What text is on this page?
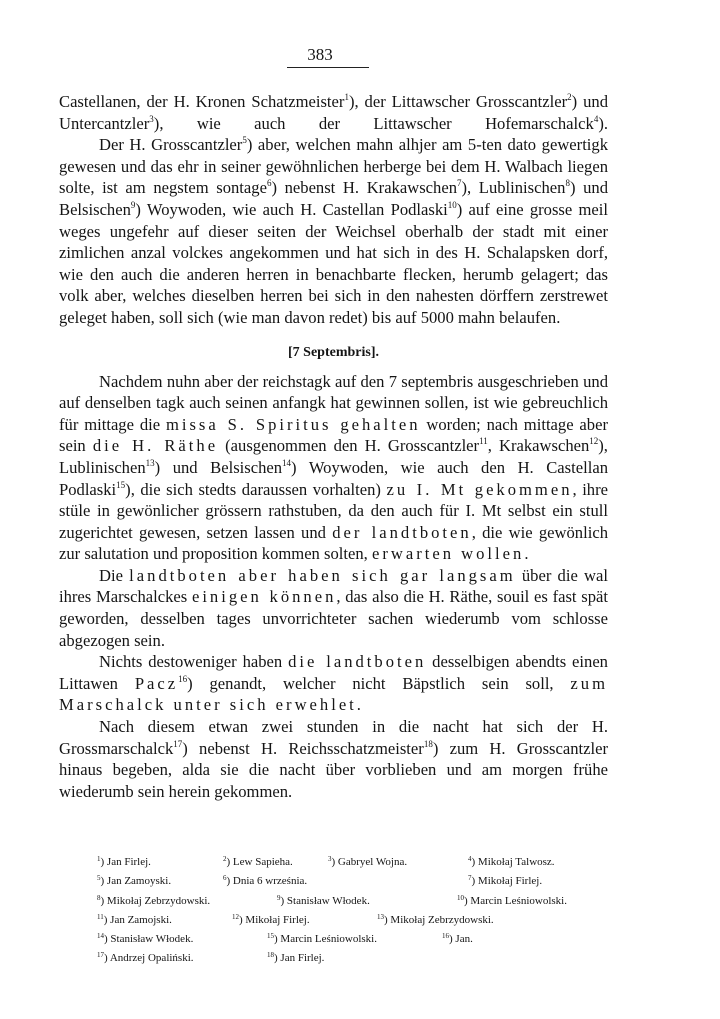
383

Castellanen, der H. Kronen Schatzmeister$^1$), der Littawscher Grosscantzler$^2$) und Untercantzler$^3$), wie auch der Littawscher Hofemarschalck$^4$).

Der H. Grosscantzler$^5$) aber, welchen mahn alhjer am 5-ten dato gewertigk gewesen und das ehr in seiner gewöhnlichen herberge bei dem H. Walbach liegen solte, ist am negstem sontage$^6$) nebenst H. Krakawschen$^7$), Lublinischen$^8$) und Belsischen$^9$) Woywoden, wie auch H. Castellan Podlaski$^{10}$) auf eine grosse meil weges ungefehr auf dieser seiten der Weichsel oberhalb der stadt mit einer zimlichen anzal volckes angekommen und hat sich in des H. Schalapsken dorf, wie den auch die anderen herren in benachbarte flecken, herumb gelagert; das volk aber, welches dieselben herren bei sich in den nahesten dörffern zerstrewet geleget haben, soll sich (wie man davon redet) bis auf 5000 mahn belaufen.

[7 Septembris].

Nachdem nuhn aber der reichstagk auf den 7 septembris ausgeschrieben und auf denselben tagk auch seinen anfangk hat gewinnen sollen, ist wie gebreuchlich für mittage die missa S. Spiritus gehalten worden; nach mittage aber sein die H. Räthe (ausgenommen den H. Grosscantzler$^{11}$, Krakawschen$^{12}$), Lublinischen$^{13}$) und Belsischen$^{14}$) Woywoden, wie auch den H. Castellan Podlaski$^{15}$), die sich stedts daraussen vorhalten) zu I. Mt gekommen, ihre stüle in gewönlicher grössern rathstuben, da den auch für I. Mt selbst ein stull zugerichtet gewesen, setzen lassen und der landtboten, die wie gewönlich zur salutation und proposition kommen solten, erwarten wollen.

Die landtboten aber haben sich gar langsam über die wal ihres Marschalckes einigen können, das also die H. Räthe, souil es fast spät geworden, desselben tages unvorrichteter sachen wiederumb vom schlosse abgezogen sein.

Nichts destoweniger haben die landtboten desselbigen abendts einen Littawen Pacz$^{16}$) genandt, welcher nicht Bäpstlich sein soll, zum Marschalck unter sich erwehlet.

Nach diesem etwan zwei stunden in die nacht hat sich der H. Grossmarschalck$^{17}$) nebenst H. Reichsschatzmeister$^{18}$) zum H. Grosscantzler hinaus begeben, alda sie die nacht über vorblieben und am morgen frühe wiederumb sein herein gekommen.

$^1$) Jan Firlej.	$^2$) Lew Sapieha.	$^3$) Gabryel Wojna.	$^4$) Mikołaj Talwosz.
$^5$) Jan Zamoyski.	$^6$) Dnia 6 września.	$^7$) Mikołaj Firlej.
$^8$) Mikołaj Zebrzydowski.	$^9$) Stanisław Włodek.	$^{10}$) Marcin Leśniowolski.
$^{11}$) Jan Zamojski.	$^{12}$) Mikołaj Firlej.	$^{13}$) Mikołaj Zebrzydowski.
$^{14}$) Stanisław Włodek.	$^{15}$) Marcin Leśniowolski.	$^{16}$) Jan.
$^{17}$) Andrzej Opaliński.	$^{18}$) Jan Firlej.
